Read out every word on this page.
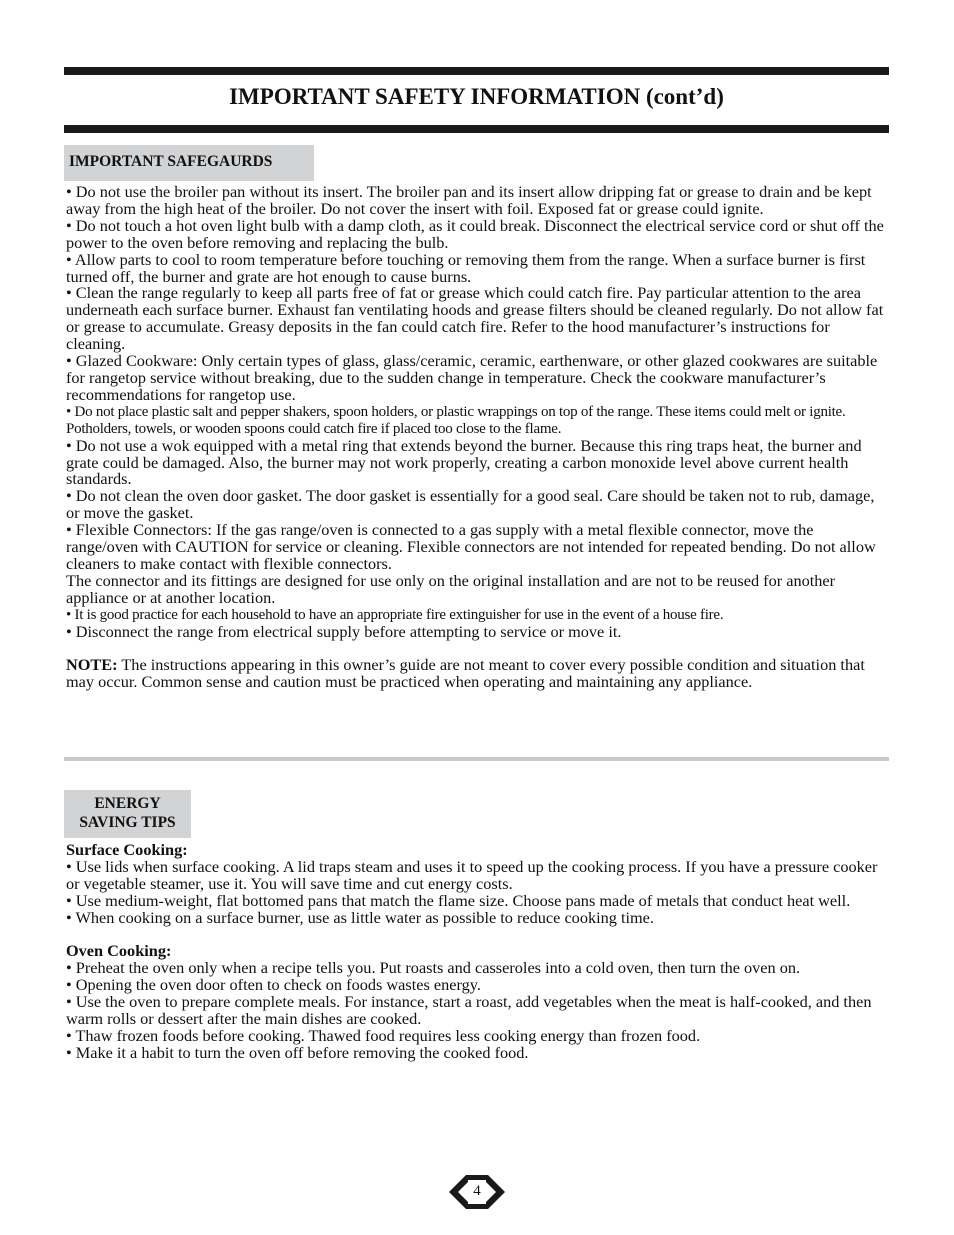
IMPORTANT SAFETY INFORMATION (cont’d)
IMPORTANT SAFEGAURDS

• Do not use the broiler pan without its insert. The broiler pan and its insert allow dripping fat or grease to drain and be kept away from the high heat of the broiler. Do not cover the insert with foil. Exposed fat or grease could ignite.

• Do not touch a hot oven light bulb with a damp cloth, as it could break. Disconnect the electrical service cord or shut off the power to the oven before removing and replacing the bulb.

• Allow parts to cool to room temperature before touching or removing them from the range. When a surface burner is first turned off, the burner and grate are hot enough to cause burns.

• Clean the range regularly to keep all parts free of fat or grease which could catch fire. Pay particular attention to the area underneath each surface burner. Exhaust fan ventilating hoods and grease filters should be cleaned regularly. Do not allow fat or grease to accumulate. Greasy deposits in the fan could catch fire. Refer to the hood manufacturer’s instructions for cleaning.

• Glazed Cookware: Only certain types of glass, glass/ceramic, ceramic, earthenware, or other glazed cookwares are suitable for rangetop service without breaking, due to the sudden change in temperature. Check the cookware manufacturer’s recommendations for rangetop use.

• Do not place plastic salt and pepper shakers, spoon holders, or plastic wrappings on top of the range. These items could melt or ignite. Potholders, towels, or wooden spoons could catch fire if placed too close to the flame.

• Do not use a wok equipped with a metal ring that extends beyond the burner. Because this ring traps heat, the burner and grate could be damaged. Also, the burner may not work properly, creating a carbon monoxide level above current health standards.

• Do not clean the oven door gasket. The door gasket is essentially for a good seal. Care should be taken not to rub, damage, or move the gasket.

• Flexible Connectors: If the gas range/oven is connected to a gas supply with a metal flexible connector, move the range/oven with CAUTION for service or cleaning. Flexible connectors are not intended for repeated bending. Do not allow cleaners to make contact with flexible connectors.

The connector and its fittings are designed for use only on the original installation and are not to be reused for another appliance or at another location.

• It is good practice for each household to have an appropriate fire extinguisher for use in the event of a house fire.

• Disconnect the range from electrical supply before attempting to service or move it.

NOTE: The instructions appearing in this owner’s guide are not meant to cover every possible condition and situation that may occur. Common sense and caution must be practiced when operating and maintaining any appliance.

ENERGY
SAVING TIPS

Surface Cooking:

• Use lids when surface cooking. A lid traps steam and uses it to speed up the cooking process. If you have a pressure cooker or vegetable steamer, use it. You will save time and cut energy costs.

• Use medium-weight, flat bottomed pans that match the flame size. Choose pans made of metals that conduct heat well.

• When cooking on a surface burner, use as little water as possible to reduce cooking time.

Oven Cooking:

• Preheat the oven only when a recipe tells you. Put roasts and casseroles into a cold oven, then turn the oven on.

• Opening the oven door often to check on foods wastes energy.

• Use the oven to prepare complete meals. For instance, start a roast, add vegetables when the meat is half-cooked, and then warm rolls or dessert after the main dishes are cooked.

• Thaw frozen foods before cooking. Thawed food requires less cooking energy than frozen food.

• Make it a habit to turn the oven off before removing the cooked food.

4
